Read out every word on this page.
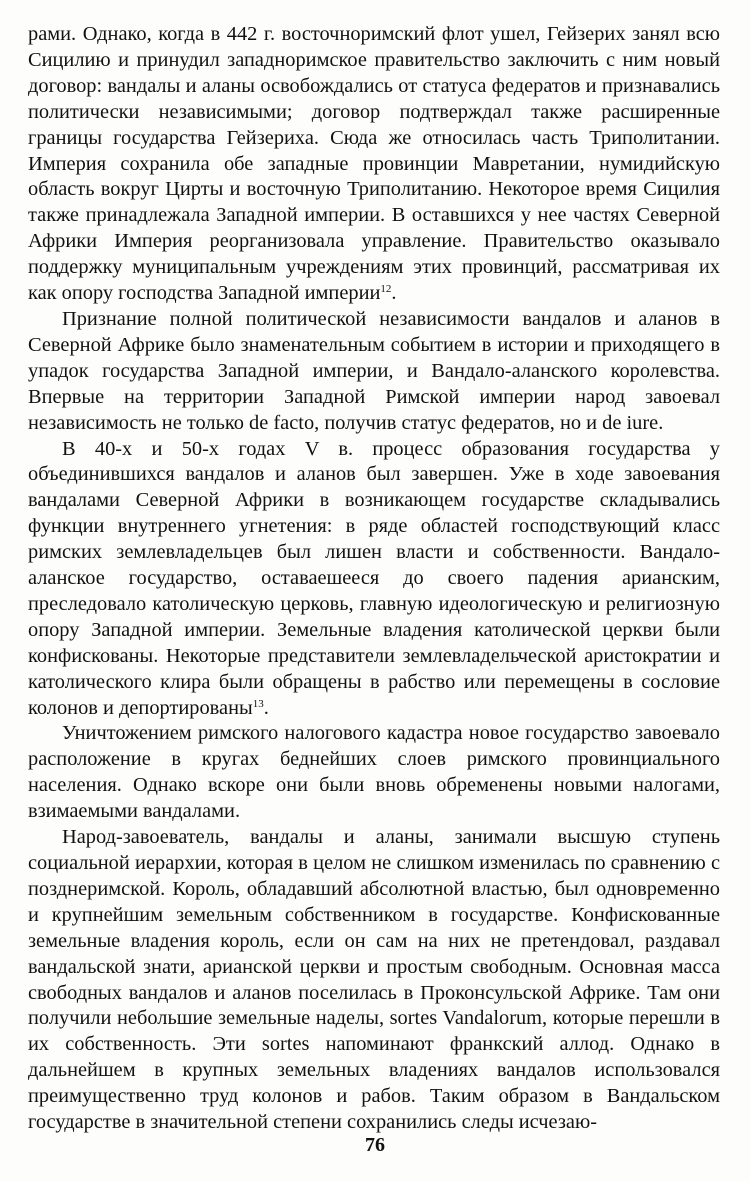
рами. Однако, когда в 442 г. восточноримский флот ушел, Гейзерих занял всю Сицилию и принудил западноримское правительство заключить с ним новый договор: вандалы и аланы освобождались от статуса федератов и признавались политически независимыми; договор подтверждал также расширенные границы государства Гейзериха. Сюда же относилась часть Триполитании. Империя сохранила обе западные провинции Мавретании, нумидийскую область вокруг Цирты и восточную Триполитанию. Некоторое время Сицилия также принадлежала Западной империи. В оставшихся у нее частях Северной Африки Империя реорганизовала управление. Правительство оказывало поддержку муниципальным учреждениям этих провинций, рассматривая их как опору господства Западной империи$^{12}$.

Признание полной политической независимости вандалов и аланов в Северной Африке было знаменательным событием в истории и приходящего в упадок государства Западной империи, и Вандало-аланского королевства. Впервые на территории Западной Римской империи народ завоевал независимость не только de facto, получив статус федератов, но и de iure.

В 40-х и 50-х годах V в. процесс образования государства у объединившихся вандалов и аланов был завершен. Уже в ходе завоевания вандалами Северной Африки в возникающем государстве складывались функции внутреннего угнетения: в ряде областей господствующий класс римских землевладельцев был лишен власти и собственности. Вандало-аланское государство, оставаешееся до своего падения арианским, преследовало католическую церковь, главную идеологическую и религиозную опору Западной империи. Земельные владения католической церкви были конфискованы. Некоторые представители землевладельческой аристократии и католического клира были обращены в рабство или перемещены в сословие колонов и депортированы$^{13}$.

Уничтожением римского налогового кадастра новое государство завоевало расположение в кругах беднейших слоев римского провинциального населения. Однако вскоре они были вновь обременены новыми налогами, взимаемыми вандалами.

Народ-завоеватель, вандалы и аланы, занимали высшую ступень социальной иерархии, которая в целом не слишком изменилась по сравнению с позднеримской. Король, обладавший абсолютной властью, был одновременно и крупнейшим земельным собственником в государстве. Конфискованные земельные владения король, если он сам на них не претендовал, раздавал вандальской знати, арианской церкви и простым свободным. Основная масса свободных вандалов и аланов поселилась в Проконсульской Африке. Там они получили небольшие земельные наделы, sortes Vandalorum, которые перешли в их собственность. Эти sortes напоминают франкский аллод. Однако в дальнейшем в крупных земельных владениях вандалов использовался преимущественно труд колонов и рабов. Таким образом в Вандальском государстве в значительной степени сохранились следы исчезаю-

76
